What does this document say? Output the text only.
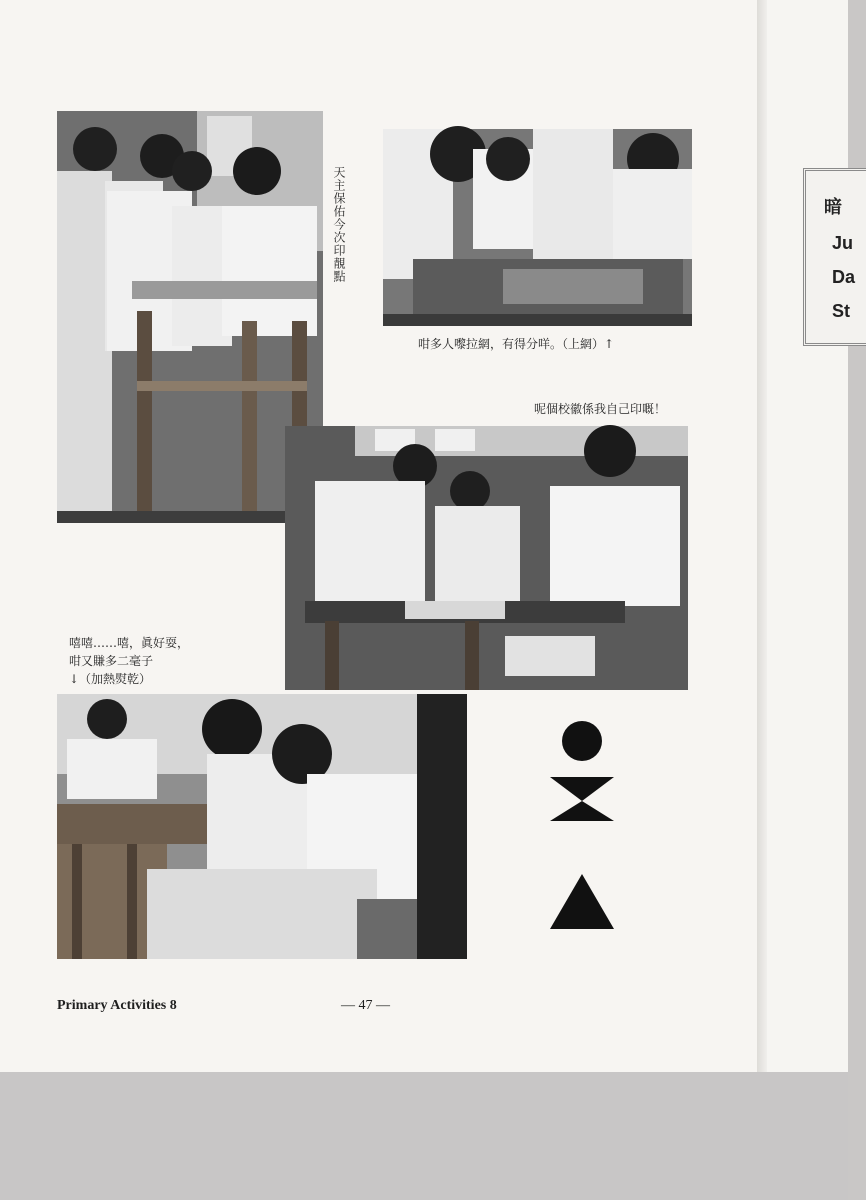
天主保佑今次印靚點
咁多人嚟拉網，有得分咩。（上網）↑
呢個校徽係我自己印嘅！
嘻嘻……嘻，眞好耍，
咁又賺多二毫子
↓（加熱熨乾）
Primary Activities 8	— 47 —
暗
Ju
Da
St
